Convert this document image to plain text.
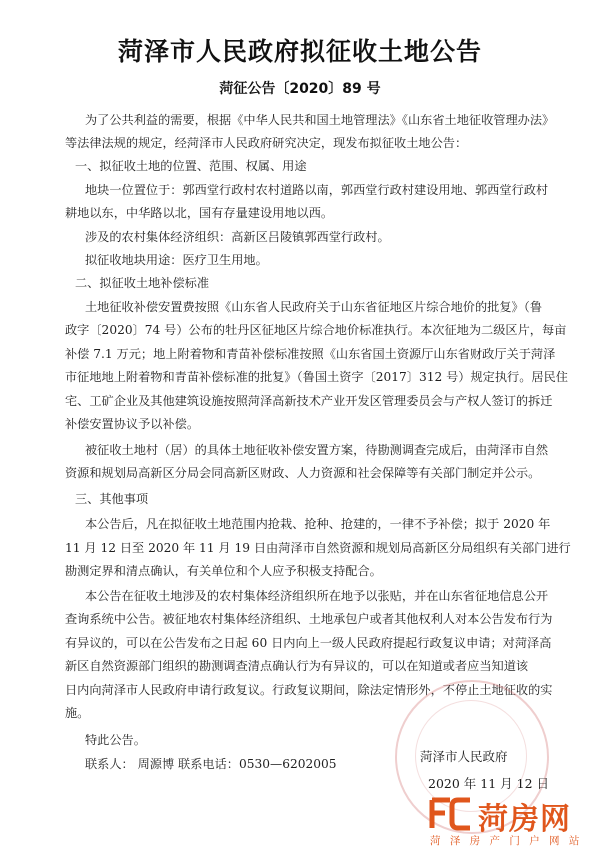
菏泽市人民政府拟征收土地公告
菏征公告〔2020〕89 号
为了公共利益的需要，根据《中华人民共和国土地管理法》《山东省土地征收管理办法》
等法律法规的规定，经菏泽市人民政府研究决定，现发布拟征收土地公告：
一、拟征收土地的位置、范围、权属、用途
地块一位置位于：郭西堂行政村农村道路以南，郭西堂行政村建设用地、郭西堂行政村
耕地以东，中华路以北，国有存量建设用地以西。
涉及的农村集体经济组织：高新区吕陵镇郭西堂行政村。
拟征收地块用途：医疗卫生用地。
二、拟征收土地补偿标准
土地征收补偿安置费按照《山东省人民政府关于山东省征地区片综合地价的批复》（鲁
政字〔2020〕74 号）公布的牡丹区征地区片综合地价标准执行。本次征地为二级区片，每亩
补偿 7.1 万元；地上附着物和青苗补偿标准按照《山东省国土资源厅山东省财政厅关于菏泽
市征地地上附着物和青苗补偿标准的批复》（鲁国土资字〔2017〕312 号）规定执行。居民住
宅、工矿企业及其他建筑设施按照菏泽高新技术产业开发区管理委员会与产权人签订的拆迁
补偿安置协议予以补偿。
被征收土地村（居）的具体土地征收补偿安置方案，待勘测调查完成后，由菏泽市自然
资源和规划局高新区分局会同高新区财政、人力资源和社会保障等有关部门制定并公示。
三、其他事项
本公告后，凡在拟征收土地范围内抢栽、抢种、抢建的，一律不予补偿；拟于 2020 年
11 月 12 日至 2020 年 11 月 19 日由菏泽市自然资源和规划局高新区分局组织有关部门进行
勘测定界和清点确认，有关单位和个人应予积极支持配合。
本公告在征收土地涉及的农村集体经济组织所在地予以张贴，并在山东省征地信息公开
查询系统中公告。被征地农村集体经济组织、土地承包户或者其他权利人对本公告发布行为
有异议的，可以在公告发布之日起 60 日内向上一级人民政府提起行政复议申请；对菏泽高
新区自然资源部门组织的勘测调查清点确认行为有异议的，可以在知道或者应当知道该
日内向菏泽市人民政府申请行政复议。行政复议期间，除法定情形外，不停止土地征收的实
施。
特此公告。
联系人： 周源博 联系电话：0530—6202005	菏泽市人民政府
2020 年 11 月 12 日
菏房网
菏 泽 房 产 门 户 网 站
